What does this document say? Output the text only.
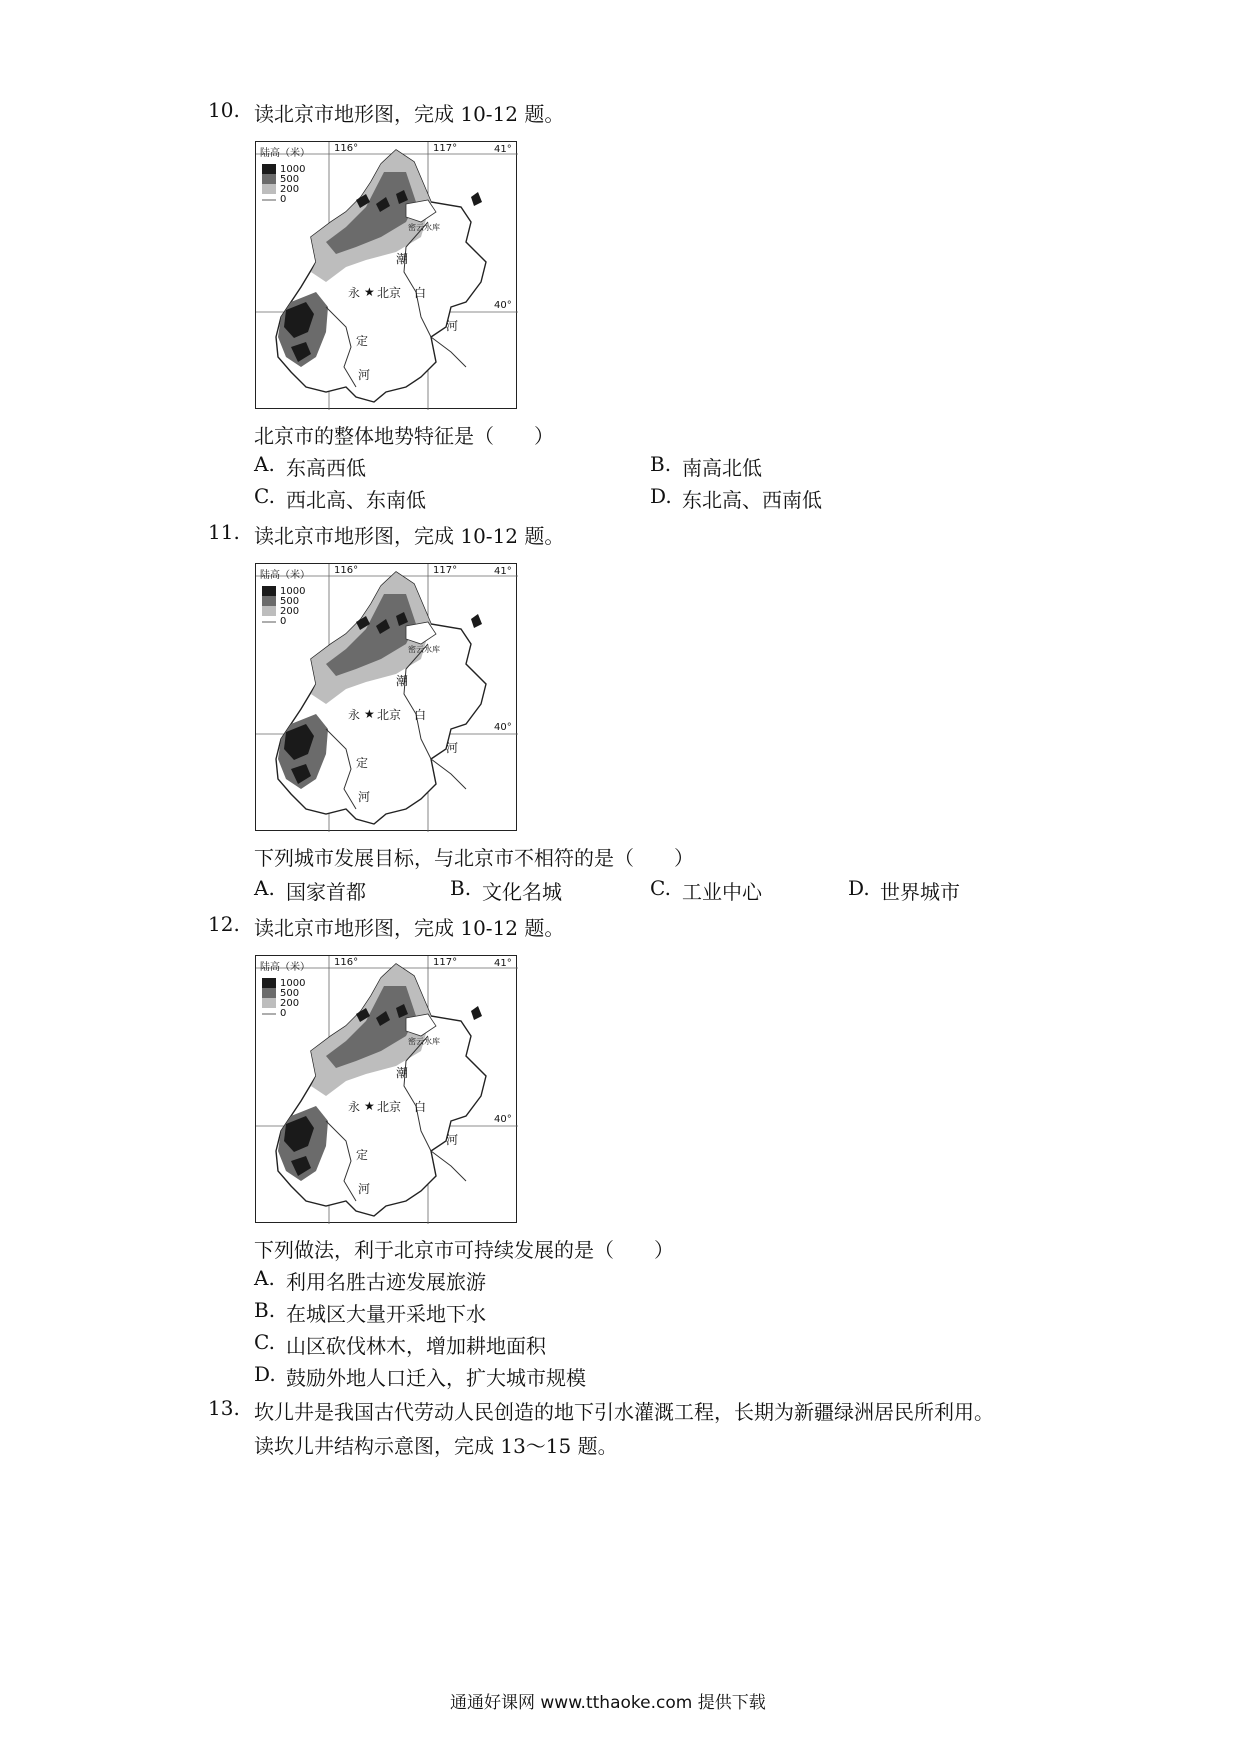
10. 读北京市地形图，完成 10-12 题。
★
陆高（米）
1000
500
200
0
116°	117°	41°
40°
密云水库
北京
永
定
河
潮
白
河
北京市的整体地势特征是（　　）
A. 东高西低	B. 南高北低
C. 西北高、东南低	D. 东北高、西南低
11. 读北京市地形图，完成 10-12 题。
★
陆高（米）
1000
500
200
0
116°	117°	41°
40°
密云水库
北京
永
定
河
潮
白
河
下列城市发展目标，与北京市不相符的是（　　）
A. 国家首都	B. 文化名城	C. 工业中心	D. 世界城市
12. 读北京市地形图，完成 10-12 题。
★
陆高（米）
1000
500
200
0
116°	117°	41°
40°
密云水库
北京
永
定
河
潮
白
河
下列做法，利于北京市可持续发展的是（　　）
A. 利用名胜古迹发展旅游
B. 在城区大量开采地下水
C. 山区砍伐林木，增加耕地面积
D. 鼓励外地人口迁入，扩大城市规模
13. 坎儿井是我国古代劳动人民创造的地下引水灌溉工程，长期为新疆绿洲居民所利用。
读坎儿井结构示意图，完成 13～15 题。
通通好课网 www.tthaoke.com 提供下载
